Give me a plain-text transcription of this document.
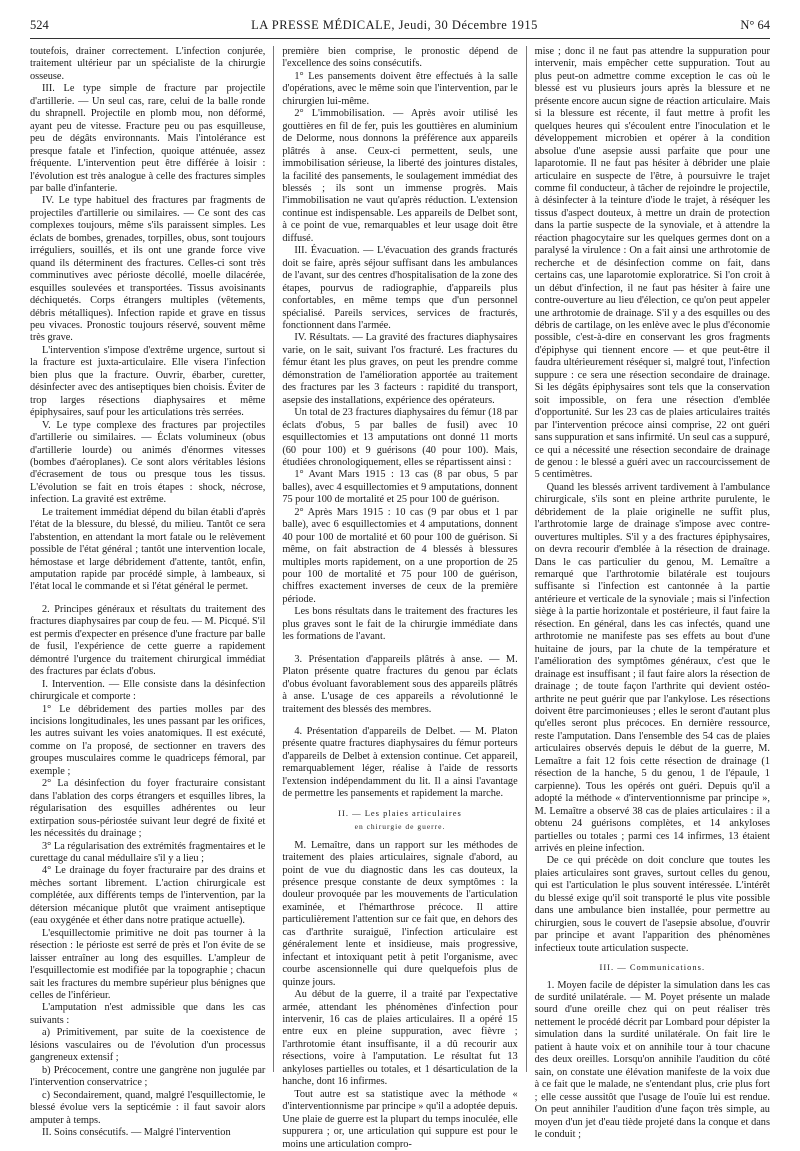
524	LA PRESSE MÉDICALE, Jeudi, 30 Décembre 1915	N° 64

toutefois, drainer correctement. L'infection conjurée, traitement ultérieur par un spécialiste de la chirurgie osseuse.

III. Le type simple de fracture par projectile d'artillerie. — Un seul cas, rare, celui de la balle ronde du shrapnell. Projectile en plomb mou, non déformé, ayant peu de vitesse. Fracture peu ou pas esquilleuse, peu de dégâts environnants. Mais l'intolérance est presque fatale et l'infection, quoique atténuée, assez fréquente. L'intervention peut être différée à loisir : l'évolution est très analogue à celle des fractures simples par balle d'infanterie.

IV. Le type habituel des fractures par fragments de projectiles d'artillerie ou similaires. — Ce sont des cas complexes toujours, même s'ils paraissent simples. Les éclats de bombes, grenades, torpilles, obus, sont toujours irréguliers, souillés, et ils ont une grande force vive quand ils déterminent des fractures. Celles-ci sont très comminutives avec périoste décollé, moelle dilacérée, esquilles soulevées et transportées. Tissus avoisinants déchiquetés. Corps étrangers multiples (vêtements, débris métalliques). Infection rapide et grave en tissus peu vivaces. Pronostic toujours réservé, souvent même très grave.

L'intervention s'impose d'extrême urgence, surtout si la fracture est juxta-articulaire. Elle visera l'infection bien plus que la fracture. Ouvrir, ébarber, curetter, désinfecter avec des antiseptiques bien choisis. Éviter de trop larges résections diaphysaires et même épiphysaires, sauf pour les articulations très serrées.

V. Le type complexe des fractures par projectiles d'artillerie ou similaires. — Éclats volumineux (obus d'artillerie lourde) ou animés d'énormes vitesses (bombes d'aéroplanes). Ce sont alors véritables lésions d'écrasement de tous ou presque tous les tissus. L'évolution se fait en trois étapes : shock, nécrose, infection. La gravité est extrême.

Le traitement immédiat dépend du bilan établi d'après l'état de la blessure, du blessé, du milieu. Tantôt ce sera l'abstention, en attendant la mort fatale ou le relèvement possible de l'état général ; tantôt une intervention locale, hémostase et large débridement d'attente, tantôt, enfin, amputation rapide par procédé simple, à lambeaux, si l'état local le commande et si l'état général le permet.

2. Principes généraux et résultats du traitement des fractures diaphysaires par coup de feu. — M. Picqué. S'il est permis d'expecter en présence d'une fracture par balle de fusil, l'expérience de cette guerre a rapidement démontré l'urgence du traitement chirurgical immédiat des fractures par éclats d'obus.

I. Intervention. — Elle consiste dans la désinfection chirurgicale et comporte :

1° Le débridement des parties molles par des incisions longitudinales, les unes passant par les orifices, les autres suivant les voies anatomiques. Il est exécuté, comme on l'a proposé, de sectionner en travers des groupes musculaires comme le quadriceps fémoral, par exemple ;

2° La désinfection du foyer fracturaire consistant dans l'ablation des corps étrangers et esquilles libres, la régularisation des esquilles adhérentes ou leur extirpation sous-périostée suivant leur degré de fixité et les nécessités du drainage ;

3° La régularisation des extrémités fragmentaires et le curettage du canal médullaire s'il y a lieu ;

4° Le drainage du foyer fracturaire par des drains et mèches sortant librement. L'action chirurgicale est complétée, aux différents temps de l'intervention, par la détersion mécanique plutôt que vraiment antiseptique (eau oxygénée et éther dans notre pratique actuelle).

L'esquillectomie primitive ne doit pas tourner à la résection : le périoste est serré de près et l'on évite de se laisser entraîner au long des esquilles. L'ampleur de l'esquillectomie est modifiée par la topographie ; chacun sait les fractures du membre supérieur plus bénignes que celles de l'inférieur.

L'amputation n'est admissible que dans les cas suivants :

a) Primitivement, par suite de la coexistence de lésions vasculaires ou de l'évolution d'un processus gangreneux extensif ;

b) Précocement, contre une gangrène non jugulée par l'intervention conservatrice ;

c) Secondairement, quand, malgré l'esquillectomie, le blessé évolue vers la septicémie : il faut savoir alors amputer à temps.

II. Soins consécutifs. — Malgré l'intervention

première bien comprise, le pronostic dépend de l'excellence des soins consécutifs.

1° Les pansements doivent être effectués à la salle d'opérations, avec le même soin que l'intervention, par le chirurgien lui-même.

2° L'immobilisation. — Après avoir utilisé les gouttières en fil de fer, puis les gouttières en aluminium de Delorme, nous donnons la préférence aux appareils plâtrés à anse. Ceux-ci permettent, seuls, une immobilisation sérieuse, la liberté des jointures distales, la facilité des pansements, le soulagement immédiat des blessés ; ils sont un immense progrès. Mais l'immobilisation ne vaut qu'après réduction. L'extension continue est indispensable. Les appareils de Delbet sont, à ce point de vue, remarquables et leur usage doit être diffusé.

III. Évacuation. — L'évacuation des grands fracturés doit se faire, après séjour suffisant dans les ambulances de l'avant, sur des centres d'hospitalisation de la zone des étapes, pourvus de radiographie, d'appareils plus confortables, en même temps que d'un personnel spécialisé. Pareils services, services de fracturés, fonctionnent dans l'armée.

IV. Résultats. — La gravité des fractures diaphysaires varie, on le sait, suivant l'os fracturé. Les fractures du fémur étant les plus graves, on peut les prendre comme démonstration de l'amélioration apportée au traitement des fractures par les 3 facteurs : rapidité du transport, asepsie des installations, expérience des opérateurs.

Un total de 23 fractures diaphysaires du fémur (18 par éclats d'obus, 5 par balles de fusil) avec 10 esquillectomies et 13 amputations ont donné 11 morts (60 pour 100) et 9 guérisons (40 pour 100). Mais, étudiées chronologiquement, elles se répartissent ainsi :

1° Avant Mars 1915 : 13 cas (8 par obus, 5 par balles), avec 4 esquillectomies et 9 amputations, donnent 75 pour 100 de mortalité et 25 pour 100 de guérison.

2° Après Mars 1915 : 10 cas (9 par obus et 1 par balle), avec 6 esquillectomies et 4 amputations, donnent 40 pour 100 de mortalité et 60 pour 100 de guérison. Si même, on fait abstraction de 4 blessés à blessures multiples morts rapidement, on a une proportion de 25 pour 100 de mortalité et 75 pour 100 de guérison, chiffres exactement inverses de ceux de la première période.

Les bons résultats dans le traitement des fractures les plus graves sont le fait de la chirurgie immédiate dans les formations de l'avant.

3. Présentation d'appareils plâtrés à anse. — M. Platon présente quatre fractures du genou par éclats d'obus évoluant favorablement sous des appareils plâtrés à anse. L'usage de ces appareils a révolutionné le traitement des blessés des membres.

4. Présentation d'appareils de Delbet. — M. Platon présente quatre fractures diaphysaires du fémur porteurs d'appareils de Delbet à extension continue. Cet appareil, remarquablement léger, réalise à l'aide de ressorts l'extension indépendamment du lit. Il a ainsi l'avantage de permettre les pansements et rapidement la marche.

II. — Les plaies articulaires

en chirurgie de guerre.

M. Lemaître, dans un rapport sur les méthodes de traitement des plaies articulaires, signale d'abord, au point de vue du diagnostic dans les cas douteux, la présence presque constante de deux symptômes : la douleur provoquée par les mouvements de l'articulation examinée, et l'hémarthrose précoce. Il attire particulièrement l'attention sur ce fait que, en dehors des cas d'arthrite suraiguë, l'infection articulaire est généralement lente et insidieuse, mais progressive, infectant et intoxiquant petit à petit l'organisme, avec courbe ascensionnelle qui dure quelquefois plus de quinze jours.

Au début de la guerre, il a traité par l'expectative armée, attendant les phénomènes d'infection pour intervenir, 16 cas de plaies articulaires. Il a opéré 15 entre eux en pleine suppuration, avec fièvre ; l'arthrotomie étant insuffisante, il a dû recourir aux résections, voire à l'amputation. Le résultat fut 13 ankyloses partielles ou totales, et 1 désarticulation de la hanche, dont 16 infirmes.

Tout autre est sa statistique avec la méthode « d'interventionnisme par principe » qu'il a adoptée depuis. Une plaie de guerre est la plupart du temps inoculée, elle suppurera ; or, une articulation qui suppure est pour le moins une articulation compro-

mise ; donc il ne faut pas attendre la suppuration pour intervenir, mais empêcher cette suppuration. Tout au plus peut-on admettre comme exception le cas où le blessé est vu plusieurs jours après la blessure et ne présente encore aucun signe de réaction articulaire. Mais si la blessure est récente, il faut mettre à profit les quelques heures qui s'écoulent entre l'inoculation et le développement microbien et opérer à la condition absolue d'une asepsie aussi parfaite que pour une laparotomie. Il ne faut pas hésiter à débrider une plaie articulaire en suspecte de l'être, à poursuivre le trajet comme fil conducteur, à tâcher de rejoindre le projectile, à désinfecter à la teinture d'iode le trajet, à réséquer les tissus d'aspect douteux, à mettre un drain de protection dans la partie suspecte de la synoviale, et à attendre la réaction phagocytaire sur les quelques germes dont on a paralysé la virulence : On a fait ainsi une arthrotomie de recherche et de désinfection comme on fait, dans certains cas, une laparotomie exploratrice. Si l'on croit à un début d'infection, il ne faut pas hésiter à faire une contre-ouverture au lieu d'élection, ce qu'on peut appeler une arthrotomie de drainage. S'il y a des esquilles ou des débris de cartilage, on les enlève avec le plus d'économie possible, c'est-à-dire en conservant les gros fragments d'épiphyse qui tiennent encore — et que peut-être il faudra ultérieurement réséquer si, malgré tout, l'infection suppure : ce sera une résection secondaire de drainage. Si les dégâts épiphysaires sont tels que la conservation soit impossible, on fera une résection d'emblée d'opportunité. Sur les 23 cas de plaies articulaires traités par l'intervention précoce ainsi comprise, 22 ont guéri sans suppuration et sans infirmité. Un seul cas a suppuré, ce qui a nécessité une résection secondaire de drainage de genou : le blessé a guéri avec un raccourcissement de 5 centimètres.

Quand les blessés arrivent tardivement à l'ambulance chirurgicale, s'ils sont en pleine arthrite purulente, le débridement de la plaie originelle ne suffit plus, l'arthrotomie large de drainage s'impose avec contre-ouvertures multiples. S'il y a des fractures épiphysaires, on devra recourir d'emblée à la résection de drainage. Dans le cas particulier du genou, M. Lemaître a remarqué que l'arthrotomie bilatérale est toujours suffisante si l'infection est cantonnée à la partie antérieure et verticale de la synoviale ; mais si l'infection siège à la partie horizontale et postérieure, il faut faire la résection. En général, dans les cas infectés, quand une arthrotomie ne manifeste pas ses effets au bout d'une huitaine de jours, par la chute de la température et l'amélioration des symptômes généraux, c'est que le drainage est insuffisant ; il faut faire alors la résection de drainage ; de toute façon l'arthrite qui devient ostéo-arthrite ne peut guérir que par l'ankylose. Les résections doivent être parcimonieuses ; elles le seront d'autant plus qu'elles seront plus précoces. En dernière ressource, reste l'amputation. Dans l'ensemble des 54 cas de plaies articulaires observés depuis le début de la guerre, M. Lemaître a fait 12 fois cette résection de drainage (1 résection de la hanche, 5 du genou, 1 de l'épaule, 1 carpienne). Tous les opérés ont guéri. Depuis qu'il a adopté la méthode « d'interventionnisme par principe », M. Lemaître a observé 38 cas de plaies articulaires : il a obtenu 24 guérisons complètes, et 14 ankyloses partielles ou totales ; parmi ces 14 infirmes, 13 étaient arrivés en pleine infection.

De ce qui précède on doit conclure que toutes les plaies articulaires sont graves, surtout celles du genou, qui est l'articulation le plus souvent intéressée. L'intérêt du blessé exige qu'il soit transporté le plus vite possible dans une ambulance bien installée, pour permettre au chirurgien, sous le couvert de l'asepsie absolue, d'ouvrir par principe et avant l'apparition des phénomènes infectieux toute articulation suspecte.

III. — Communications.

1. Moyen facile de dépister la simulation dans les cas de surdité unilatérale. — M. Poyet présente un malade sourd d'une oreille chez qui on peut réaliser très nettement le procédé décrit par Lombard pour dépister la simulation dans la surdité unilatérale. On fait lire le patient à haute voix et on annihile tour à tour chacune des deux oreilles. Lorsqu'on annihile l'audition du côté sain, on constate une élévation manifeste de la voix due à ce fait que le malade, ne s'entendant plus, crie plus fort ; elle cesse aussitôt que l'usage de l'ouïe lui est rendue. On peut annihiler l'audition d'une façon très simple, au moyen d'un jet d'eau tiède projeté dans la conque et dans le conduit ;
